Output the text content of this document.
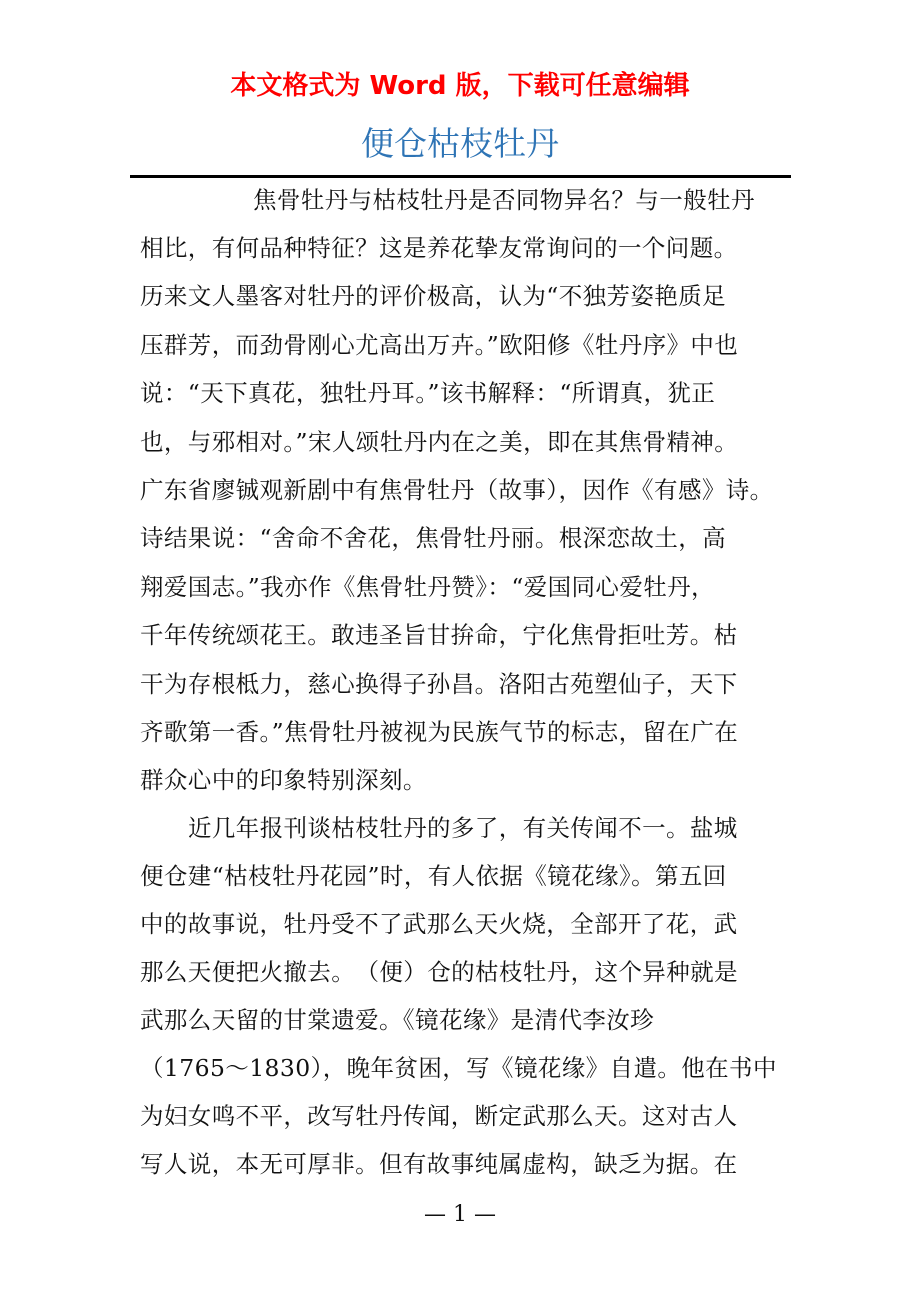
本文格式为 Word 版，下载可任意编辑
便仓枯枝牡丹
焦骨牡丹与枯枝牡丹是否同物异名？与一般牡丹
相比，有何品种特征？这是养花挚友常询问的一个问题。
历来文人墨客对牡丹的评价极高，认为“不独芳姿艳质足
压群芳，而劲骨刚心尤高出万卉。”欧阳修《牡丹序》中也
说：“天下真花，独牡丹耳。”该书解释：“所谓真，犹正
也，与邪相对。”宋人颂牡丹内在之美，即在其焦骨精神。
广东省廖铖观新剧中有焦骨牡丹（故事），因作《有感》诗。
诗结果说：“舍命不舍花，焦骨牡丹丽。根深恋故土，高
翔爱国志。”我亦作《焦骨牡丹赞》：“爱国同心爱牡丹，
千年传统颂花王。敢违圣旨甘拚命，宁化焦骨拒吐芳。枯
干为存根柢力，慈心换得子孙昌。洛阳古苑塑仙子，天下
齐歌第一香。”焦骨牡丹被视为民族气节的标志，留在广在
群众心中的印象特别深刻。
近几年报刊谈枯枝牡丹的多了，有关传闻不一。盐城
便仓建“枯枝牡丹花园”时，有人依据《镜花缘》。第五回
中的故事说，牡丹受不了武那么天火烧，全部开了花，武
那么天便把火撤去。　（便）仓的枯枝牡丹，这个异种就是
武那么天留的甘棠遗爱。《镜花缘》是清代李汝珍
（1765～1830），晚年贫困，写《镜花缘》自遣。他在书中
为妇女鸣不平，改写牡丹传闻，断定武那么天。这对古人
写人说，本无可厚非。但有故事纯属虚构，缺乏为据。在
— 1 —
